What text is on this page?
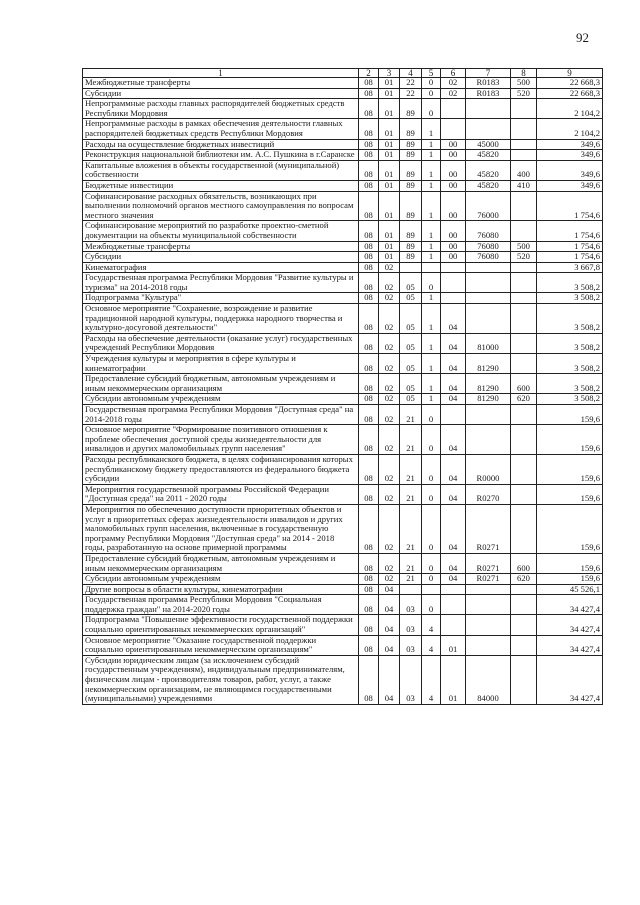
92
1	2	3	4	5	6	7	8	9
Межбюджетные трансферты	08	01	22	0	02	R0183	500	22 668,3
Субсидии	08	01	22	0	02	R0183	520	22 668,3
Непрограммные расходы главных распорядителей бюджетных средств Республики Мордовия	08	01	89	0				2 104,2
Непрограммные расходы в рамках обеспечения деятельности главных распорядителей бюджетных средств Республики Мордовия	08	01	89	1				2 104,2
Расходы на осуществление бюджетных инвестиций	08	01	89	1	00	45000		349,6
Реконструкция национальной библиотеки им. А.С. Пушкина в г.Саранске	08	01	89	1	00	45820		349,6
Капитальные вложения в объекты государственной (муниципальной) собственности	08	01	89	1	00	45820	400	349,6
Бюджетные инвестиции	08	01	89	1	00	45820	410	349,6
Софинансирование расходных обязательств, возникающих при выполнении полномочий органов местного самоуправления по вопросам местного значения	08	01	89	1	00	76000		1 754,6
Софинансирование мероприятий по разработке проектно-сметной документации на объекты муниципальной собственности	08	01	89	1	00	76080		1 754,6
Межбюджетные трансферты	08	01	89	1	00	76080	500	1 754,6
Субсидии	08	01	89	1	00	76080	520	1 754,6
Кинематография	08	02						3 667,8
Государственная программа Республики Мордовия "Развитие культуры и туризма" на 2014-2018 годы	08	02	05	0				3 508,2
Подпрограмма "Культура"	08	02	05	1				3 508,2
Основное мероприятие "Сохранение, возрождение и развитие традиционной народной культуры, поддержка народного творчества и культурно-досуговой деятельности"	08	02	05	1	04			3 508,2
Расходы на обеспечение деятельности (оказание услуг) государственных учреждений Республики Мордовия	08	02	05	1	04	81000		3 508,2
Учреждения культуры и мероприятия в сфере культуры и кинематографии	08	02	05	1	04	81290		3 508,2
Предоставление субсидий бюджетным, автономным учреждениям и иным некоммерческим организациям	08	02	05	1	04	81290	600	3 508,2
Субсидии автономным учреждениям	08	02	05	1	04	81290	620	3 508,2
Государственная программа Республики Мордовия "Доступная среда" на 2014-2018 годы	08	02	21	0				159,6
Основное мероприятие "Формирование позитивного отношения к проблеме обеспечения доступной среды жизнедеятельности для инвалидов и других маломобильных групп населения"	08	02	21	0	04			159,6
Расходы республиканского бюджета, в целях софинансирования которых республиканскому бюджету предоставляются из федерального бюджета субсидии	08	02	21	0	04	R0000		159,6
Мероприятия государственной программы Российской Федерации "Доступная среда" на 2011 - 2020 годы	08	02	21	0	04	R0270		159,6
Мероприятия по обеспечению доступности приоритетных объектов и услуг в приоритетных сферах жизнедеятельности инвалидов и других маломобильных групп населения, включенные в государственную программу Республики Мордовия "Доступная среда" на 2014 - 2018 годы, разработанную на основе примерной программы	08	02	21	0	04	R0271		159,6
Предоставление субсидий бюджетным, автономным учреждениям и иным некоммерческим организациям	08	02	21	0	04	R0271	600	159,6
Субсидии автономным учреждениям	08	02	21	0	04	R0271	620	159,6
Другие вопросы в области культуры, кинематографии	08	04						45 526,1
Государственная программа Республики Мордовия "Социальная поддержка граждан" на 2014-2020 годы	08	04	03	0				34 427,4
Подпрограмма "Повышение эффективности государственной поддержки социально ориентированных некоммерческих организаций"	08	04	03	4				34 427,4
Основное мероприятие "Оказание государственной поддержки социально ориентированным некоммерческим организациям"	08	04	03	4	01			34 427,4
Субсидии юридическим лицам (за исключением субсидий государственным учреждениям), индивидуальным предпринимателям, физическим лицам - производителям товаров, работ, услуг, а также некоммерческим организациям, не являющимся государственными (муниципальными) учреждениями	08	04	03	4	01	84000		34 427,4
